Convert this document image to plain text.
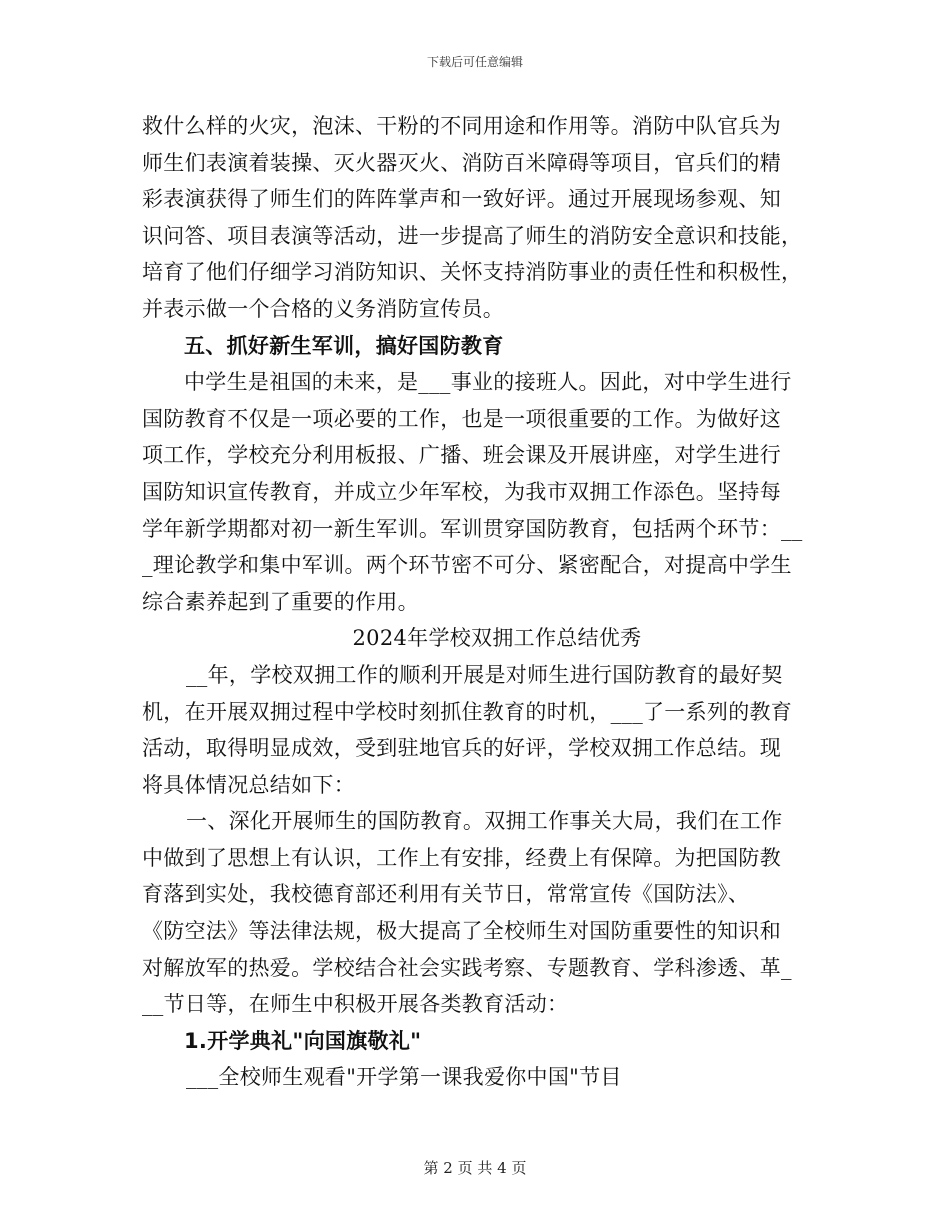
下载后可任意编辑
救什么样的火灾，泡沫、干粉的不同用途和作用等。消防中队官兵为
师生们表演着装操、灭火器灭火、消防百米障碍等项目，官兵们的精
彩表演获得了师生们的阵阵掌声和一致好评。通过开展现场参观、知
识问答、项目表演等活动，进一步提高了师生的消防安全意识和技能，
培育了他们仔细学习消防知识、关怀支持消防事业的责任性和积极性，
并表示做一个合格的义务消防宣传员。
五、抓好新生军训，搞好国防教育
中学生是祖国的未来，是___事业的接班人。因此，对中学生进行
国防教育不仅是一项必要的工作，也是一项很重要的工作。为做好这
项工作，学校充分利用板报、广播、班会课及开展讲座，对学生进行
国防知识宣传教育，并成立少年军校，为我市双拥工作添色。坚持每
学年新学期都对初一新生军训。军训贯穿国防教育，包括两个环节：__
_理论教学和集中军训。两个环节密不可分、紧密配合，对提高中学生
综合素养起到了重要的作用。
2024年学校双拥工作总结优秀
__年，学校双拥工作的顺利开展是对师生进行国防教育的最好契
机，在开展双拥过程中学校时刻抓住教育的时机，___了一系列的教育
活动，取得明显成效，受到驻地官兵的好评，学校双拥工作总结。现
将具体情况总结如下：
一、深化开展师生的国防教育。双拥工作事关大局，我们在工作
中做到了思想上有认识，工作上有安排，经费上有保障。为把国防教
育落到实处，我校德育部还利用有关节日，常常宣传《国防法》、
《防空法》等法律法规，极大提高了全校师生对国防重要性的知识和
对解放军的热爱。学校结合社会实践考察、专题教育、学科渗透、革_
__节日等，在师生中积极开展各类教育活动：
1.开学典礼"向国旗敬礼"
___全校师生观看"开学第一课我爱你中国"节目
第 2 页 共 4 页
